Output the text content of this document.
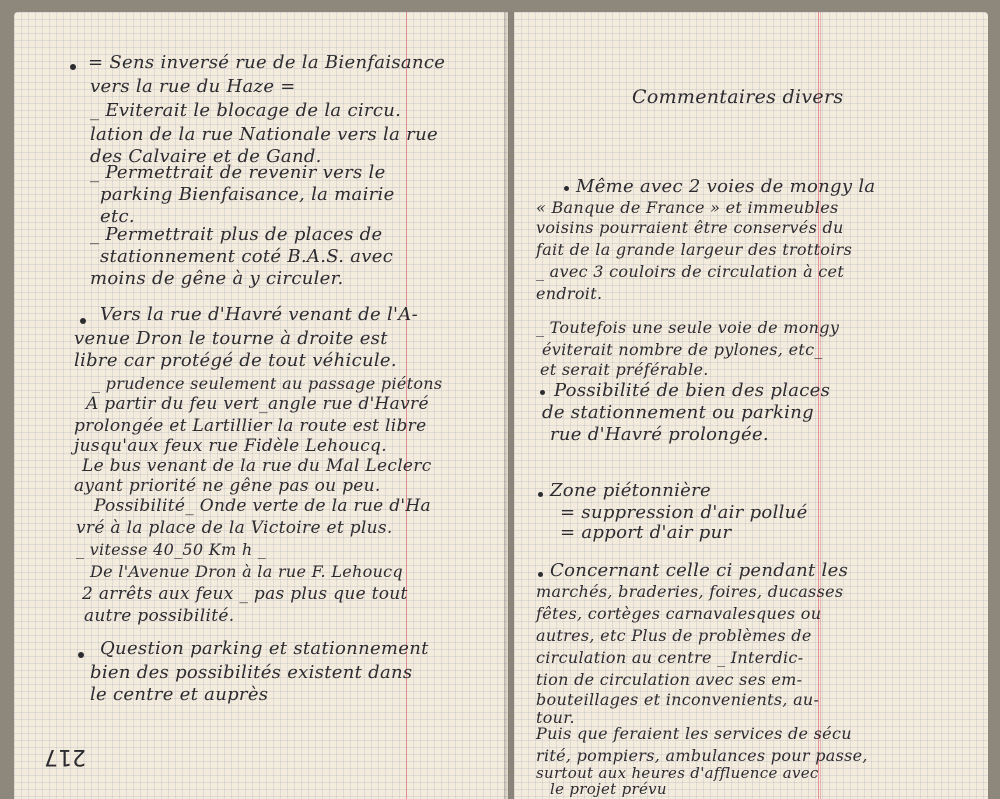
= Sens inversé rue de la Bienfaisance
vers la rue du Haze =
_ Eviterait le blocage de la circu.
lation de la rue Nationale vers la rue
des Calvaire et de Gand.
_ Permettrait de revenir vers le
parking Bienfaisance, la mairie
etc.
_ Permettrait plus de places de
stationnement coté B.A.S. avec
moins de gêne à y circuler.
Vers la rue d'Havré venant de l'A-
venue Dron le tourne à droite est
libre car protégé de tout véhicule.
_ prudence seulement au passage piétons
A partir du feu vert_angle rue d'Havré
prolongée et Lartillier la route est libre
jusqu'aux feux rue Fidèle Lehoucq.
Le bus venant de la rue du Mal Leclerc
ayant priorité ne gêne pas ou peu.
Possibilité_ Onde verte de la rue d'Ha
vré à la place de la Victoire et plus.
_ vitesse 40_50 Km h _
De l'Avenue Dron à la rue F. Lehoucq
2 arrêts aux feux _ pas plus que tout
autre possibilité.
Question parking et stationnement
bien des possibilités existent dans
le centre et auprès
217
Commentaires divers
Même avec 2 voies de mongy la
« Banque de France » et immeubles
voisins pourraient être conservés du
fait de la grande largeur des trottoirs
_ avec 3 couloirs de circulation à cet
endroit.
_ Toutefois une seule voie de mongy
éviterait nombre de pylones, etc_
et serait préférable.
Possibilité de bien des places
de stationnement ou parking
rue d'Havré prolongée.
Zone piétonnière
= suppression d'air pollué
= apport d'air pur
Concernant celle ci pendant les
marchés, braderies, foires, ducasses
fêtes, cortèges carnavalesques ou
autres, etc Plus de problèmes de
circulation au centre _ Interdic-
tion de circulation avec ses em-
bouteillages et inconvenients, au-
tour.
Puis que feraient les services de sécu
rité, pompiers, ambulances pour passe,
surtout aux heures d'affluence avec
le projet prévu
